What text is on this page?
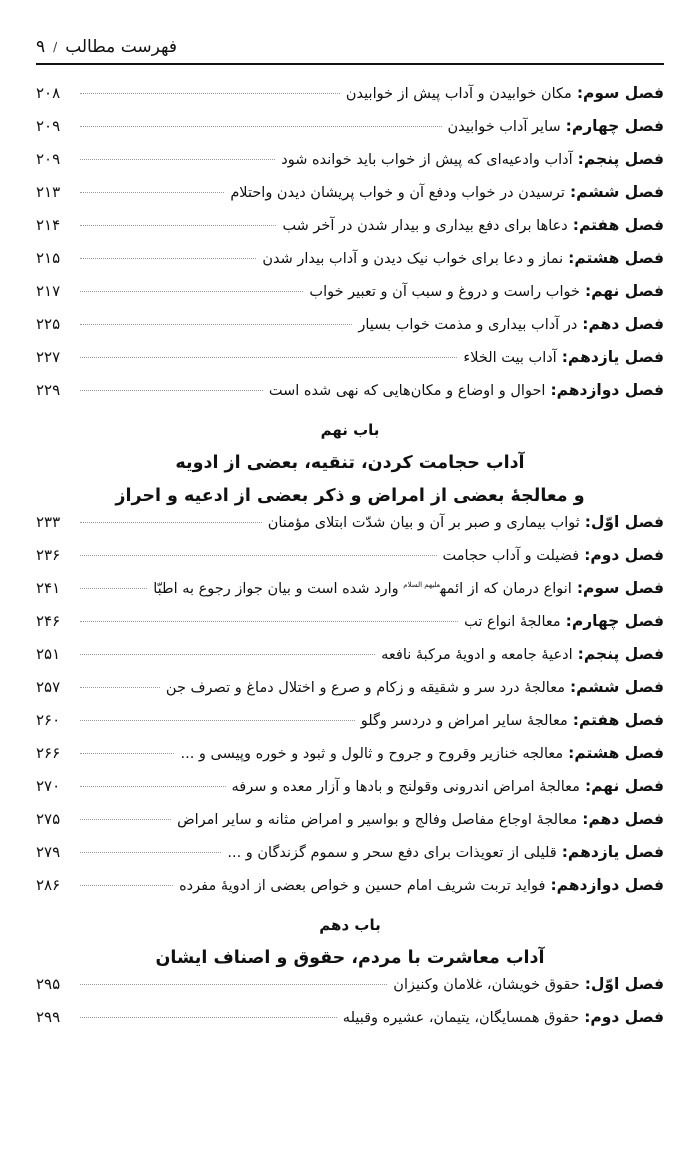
فهرست مطالب
/
۹
فصل سوم:
مکان خوابیدن و آداب پیش از خوابیدن
۲۰۸
فصل چهارم:
سایر آداب خوابیدن
۲۰۹
فصل پنجم:
آداب وادعیه‌ای که پیش از خواب باید خوانده شود
۲۰۹
فصل ششم:
ترسیدن در خواب ودفع آن و خواب پریشان دیدن واحتلام
۲۱۳
فصل هفتم:
دعاها برای دفع بیداری و بیدار شدن در آخر شب
۲۱۴
فصل هشتم:
نماز و دعا برای خواب نیک دیدن و آداب بیدار شدن
۲۱۵
فصل نهم:
خواب راست و دروغ و سبب آن و تعبیر خواب
۲۱۷
فصل دهم:
در آداب بیداری و مذمت خواب بسیار
۲۲۵
فصل یازدهم:
آداب بیت الخلاء
۲۲۷
فصل دوازدهم:
احوال و اوضاع و مکان‌هایی که نهی شده است
۲۲۹
باب نهم
آداب حجامت کردن، تنقیه، بعضی از ادویه
و معالجۀ بعضی از امراض و ذکر بعضی از ادعیه و احراز
فصل اوّل:
ثواب بیماری و صبر بر آن و بیان شدّت ابتلای مؤمنان
۲۳۳
فصل دوم:
فضیلت و آداب حجامت
۲۳۶
فصل سوم:
انواع درمان که از ائمه$^{علیهم السلام}$ وارد شده است و بیان جواز رجوع به اطبّا
۲۴۱
فصل چهارم:
معالجۀ انواع تب
۲۴۶
فصل پنجم:
ادعیۀ جامعه و ادویۀ مرکبۀ نافعه
۲۵۱
فصل ششم:
معالجۀ درد سر و شقیقه و زکام و صرع و اختلال دماغ و تصرف جن
۲۵۷
فصل هفتم:
معالجۀ سایر امراض و دردسر وگلو
۲۶۰
فصل هشتم:
معالجه خنازیر وقروح و جروح و ثالول و ثبود و خوره وپیسی و ...
۲۶۶
فصل نهم:
معالجۀ امراض اندرونی وقولنج و بادها و آزار معده و سرفه
۲۷۰
فصل دهم:
معالجۀ اوجاع مفاصل وفالج و بواسیر و امراض مثانه و سایر امراض
۲۷۵
فصل یازدهم:
قلیلی از تعویذات برای دفع سحر و سموم گزندگان و ...
۲۷۹
فصل دوازدهم:
فواید تربت شریف امام حسین و خواص بعضی از ادویۀ مفرده
۲۸۶
باب دهم
آداب معاشرت با مردم، حقوق و اصناف ایشان
فصل اوّل:
حقوق خویشان، غلامان وکنیزان
۲۹۵
فصل دوم:
حقوق همسایگان، یتیمان، عشیره وقبیله
۲۹۹
